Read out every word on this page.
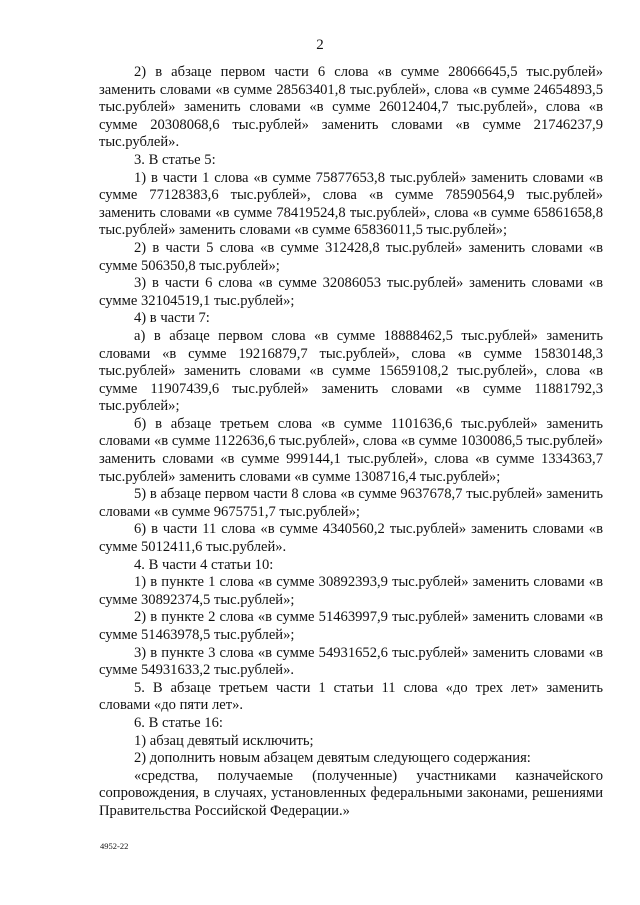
2

2) в абзаце первом части 6 слова «в сумме 28066645,5 тыс.рублей» заменить словами «в сумме 28563401,8 тыс.рублей», слова «в сумме 24654893,5 тыс.рублей» заменить словами «в сумме 26012404,7 тыс.рублей», слова «в сумме 20308068,6 тыс.рублей» заменить словами «в сумме 21746237,9 тыс.рублей».

3. В статье 5:

1) в части 1 слова «в сумме 75877653,8 тыс.рублей» заменить словами «в сумме 77128383,6 тыс.рублей», слова «в сумме 78590564,9 тыс.рублей» заменить словами «в сумме 78419524,8 тыс.рублей», слова «в сумме 65861658,8 тыс.рублей» заменить словами «в сумме 65836011,5 тыс.рублей»;

2) в части 5 слова «в сумме 312428,8 тыс.рублей» заменить словами «в сумме 506350,8 тыс.рублей»;

3) в части 6 слова «в сумме 32086053 тыс.рублей» заменить словами «в сумме 32104519,1 тыс.рублей»;

4) в части 7:

а) в абзаце первом слова «в сумме 18888462,5 тыс.рублей» заменить словами «в сумме 19216879,7 тыс.рублей», слова «в сумме 15830148,3 тыс.рублей» заменить словами «в сумме 15659108,2 тыс.рублей», слова «в сумме 11907439,6 тыс.рублей» заменить словами «в сумме 11881792,3 тыс.рублей»;

б) в абзаце третьем слова «в сумме 1101636,6 тыс.рублей» заменить словами «в сумме 1122636,6 тыс.рублей», слова «в сумме 1030086,5 тыс.рублей» заменить словами «в сумме 999144,1 тыс.рублей», слова «в сумме 1334363,7 тыс.рублей» заменить словами «в сумме 1308716,4 тыс.рублей»;

5) в абзаце первом части 8 слова «в сумме 9637678,7 тыс.рублей» заменить словами «в сумме 9675751,7 тыс.рублей»;

6) в части 11 слова «в сумме 4340560,2 тыс.рублей» заменить словами «в сумме 5012411,6 тыс.рублей».

4. В части 4 статьи 10:

1) в пункте 1 слова «в сумме 30892393,9 тыс.рублей» заменить словами «в сумме 30892374,5 тыс.рублей»;

2) в пункте 2 слова «в сумме 51463997,9 тыс.рублей» заменить словами «в сумме 51463978,5 тыс.рублей»;

3) в пункте 3 слова «в сумме 54931652,6 тыс.рублей» заменить словами «в сумме 54931633,2 тыс.рублей».

5. В абзаце третьем части 1 статьи 11 слова «до трех лет» заменить словами «до пяти лет».

6. В статье 16:

1) абзац девятый исключить;

2) дополнить новым абзацем девятым следующего содержания:

«средства, получаемые (полученные) участниками казначейского сопровождения, в случаях, установленных федеральными законами, решениями Правительства Российской Федерации.»

4952-22
